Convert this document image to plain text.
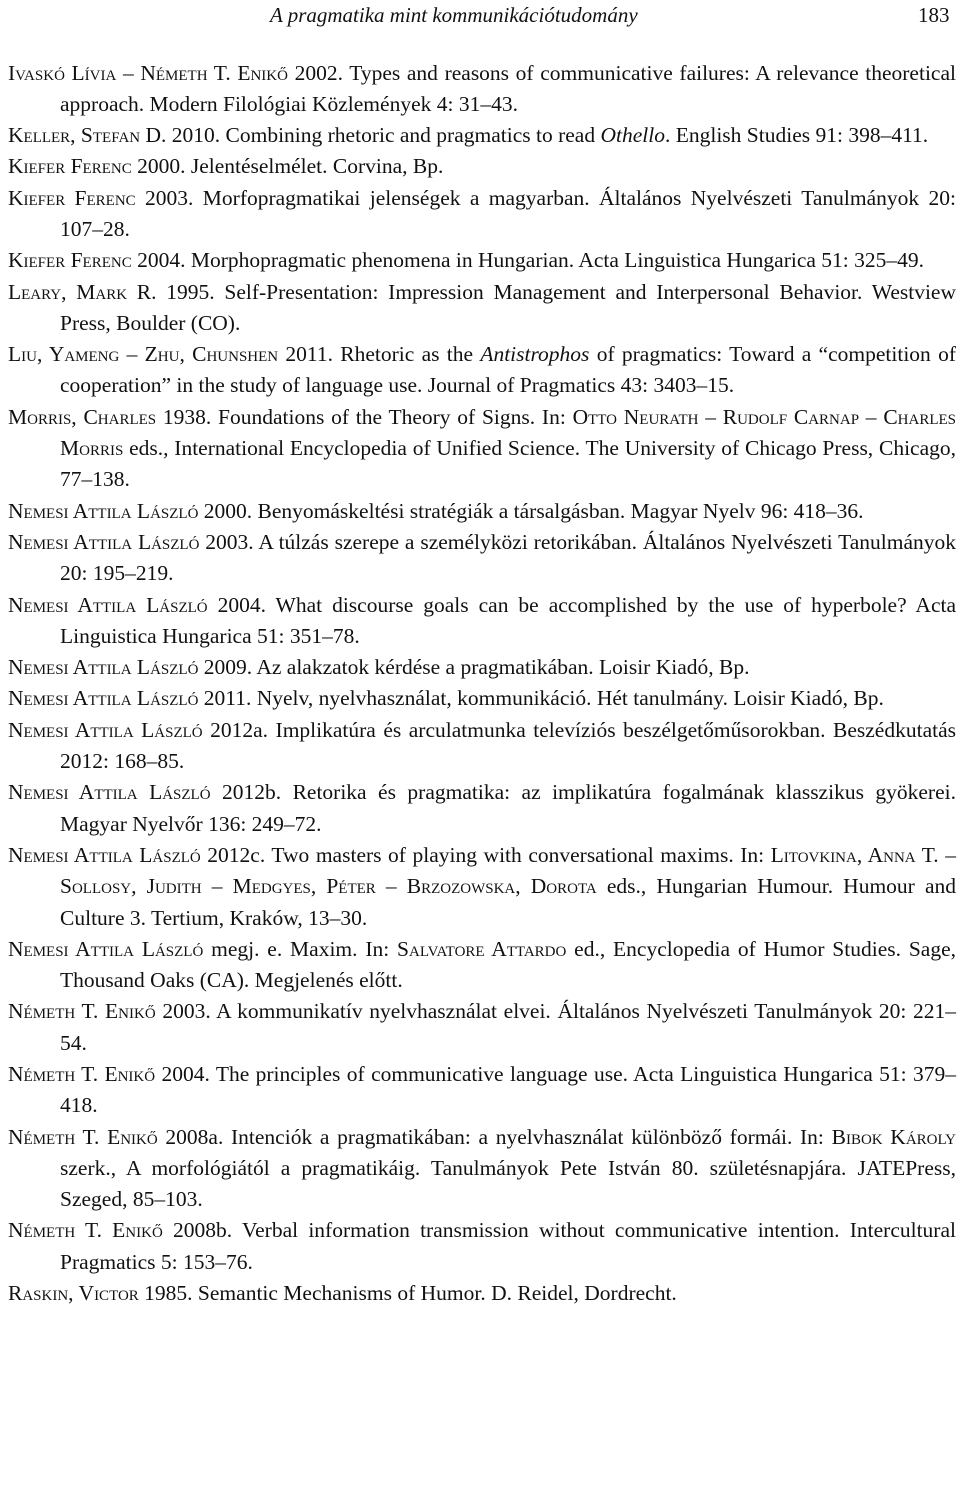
A pragmatika mint kommunikációtudomány	183

Ivaskó Lívia – Németh T. Enikő 2002. Types and reasons of communicative failures: A relevance theoretical approach. Modern Filológiai Közlemények 4: 31–43.

Keller, Stefan D. 2010. Combining rhetoric and pragmatics to read Othello. English Studies 91: 398–411.

Kiefer Ferenc 2000. Jelentéselmélet. Corvina, Bp.

Kiefer Ferenc 2003. Morfopragmatikai jelenségek a magyarban. Általános Nyelvészeti Tanulmányok 20: 107–28.

Kiefer Ferenc 2004. Morphopragmatic phenomena in Hungarian. Acta Linguistica Hungarica 51: 325–49.

Leary, Mark R. 1995. Self-Presentation: Impression Management and Interpersonal Behavior. Westview Press, Boulder (CO).

Liu, Yameng – Zhu, Chunshen 2011. Rhetoric as the Antistrophos of pragmatics: Toward a “competition of cooperation” in the study of language use. Journal of Pragmatics 43: 3403–15.

Morris, Charles 1938. Foundations of the Theory of Signs. In: Otto Neurath – Rudolf Carnap – Charles Morris eds., International Encyclopedia of Unified Science. The University of Chicago Press, Chicago, 77–138.

Nemesi Attila László 2000. Benyomáskeltési stratégiák a társalgásban. Magyar Nyelv 96: 418–36.

Nemesi Attila László 2003. A túlzás szerepe a személyközi retorikában. Általános Nyelvészeti Tanulmányok 20: 195–219.

Nemesi Attila László 2004. What discourse goals can be accomplished by the use of hyperbole? Acta Linguistica Hungarica 51: 351–78.

Nemesi Attila László 2009. Az alakzatok kérdése a pragmatikában. Loisir Kiadó, Bp.

Nemesi Attila László 2011. Nyelv, nyelvhasználat, kommunikáció. Hét tanulmány. Loisir Kiadó, Bp.

Nemesi Attila László 2012a. Implikatúra és arculatmunka televíziós beszélgetőműsorokban. Beszédkutatás 2012: 168–85.

Nemesi Attila László 2012b. Retorika és pragmatika: az implikatúra fogalmának klasszikus gyökerei. Magyar Nyelvőr 136: 249–72.

Nemesi Attila László 2012c. Two masters of playing with conversational maxims. In: Litovkina, Anna T. – Sollosy, Judith – Medgyes, Péter – Brzozowska, Dorota eds., Hungarian Humour. Humour and Culture 3. Tertium, Kraków, 13–30.

Nemesi Attila László megj. e. Maxim. In: Salvatore Attardo ed., Encyclopedia of Humor Studies. Sage, Thousand Oaks (CA). Megjelenés előtt.

Németh T. Enikő 2003. A kommunikatív nyelvhasználat elvei. Általános Nyelvészeti Tanulmányok 20: 221–54.

Németh T. Enikő 2004. The principles of communicative language use. Acta Linguistica Hungarica 51: 379–418.

Németh T. Enikő 2008a. Intenciók a pragmatikában: a nyelvhasználat különböző formái. In: Bibok Károly szerk., A morfológiától a pragmatikáig. Tanulmányok Pete István 80. születésnapjára. JATEPress, Szeged, 85–103.

Németh T. Enikő 2008b. Verbal information transmission without communicative intention. Intercultural Pragmatics 5: 153–76.

Raskin, Victor 1985. Semantic Mechanisms of Humor. D. Reidel, Dordrecht.
